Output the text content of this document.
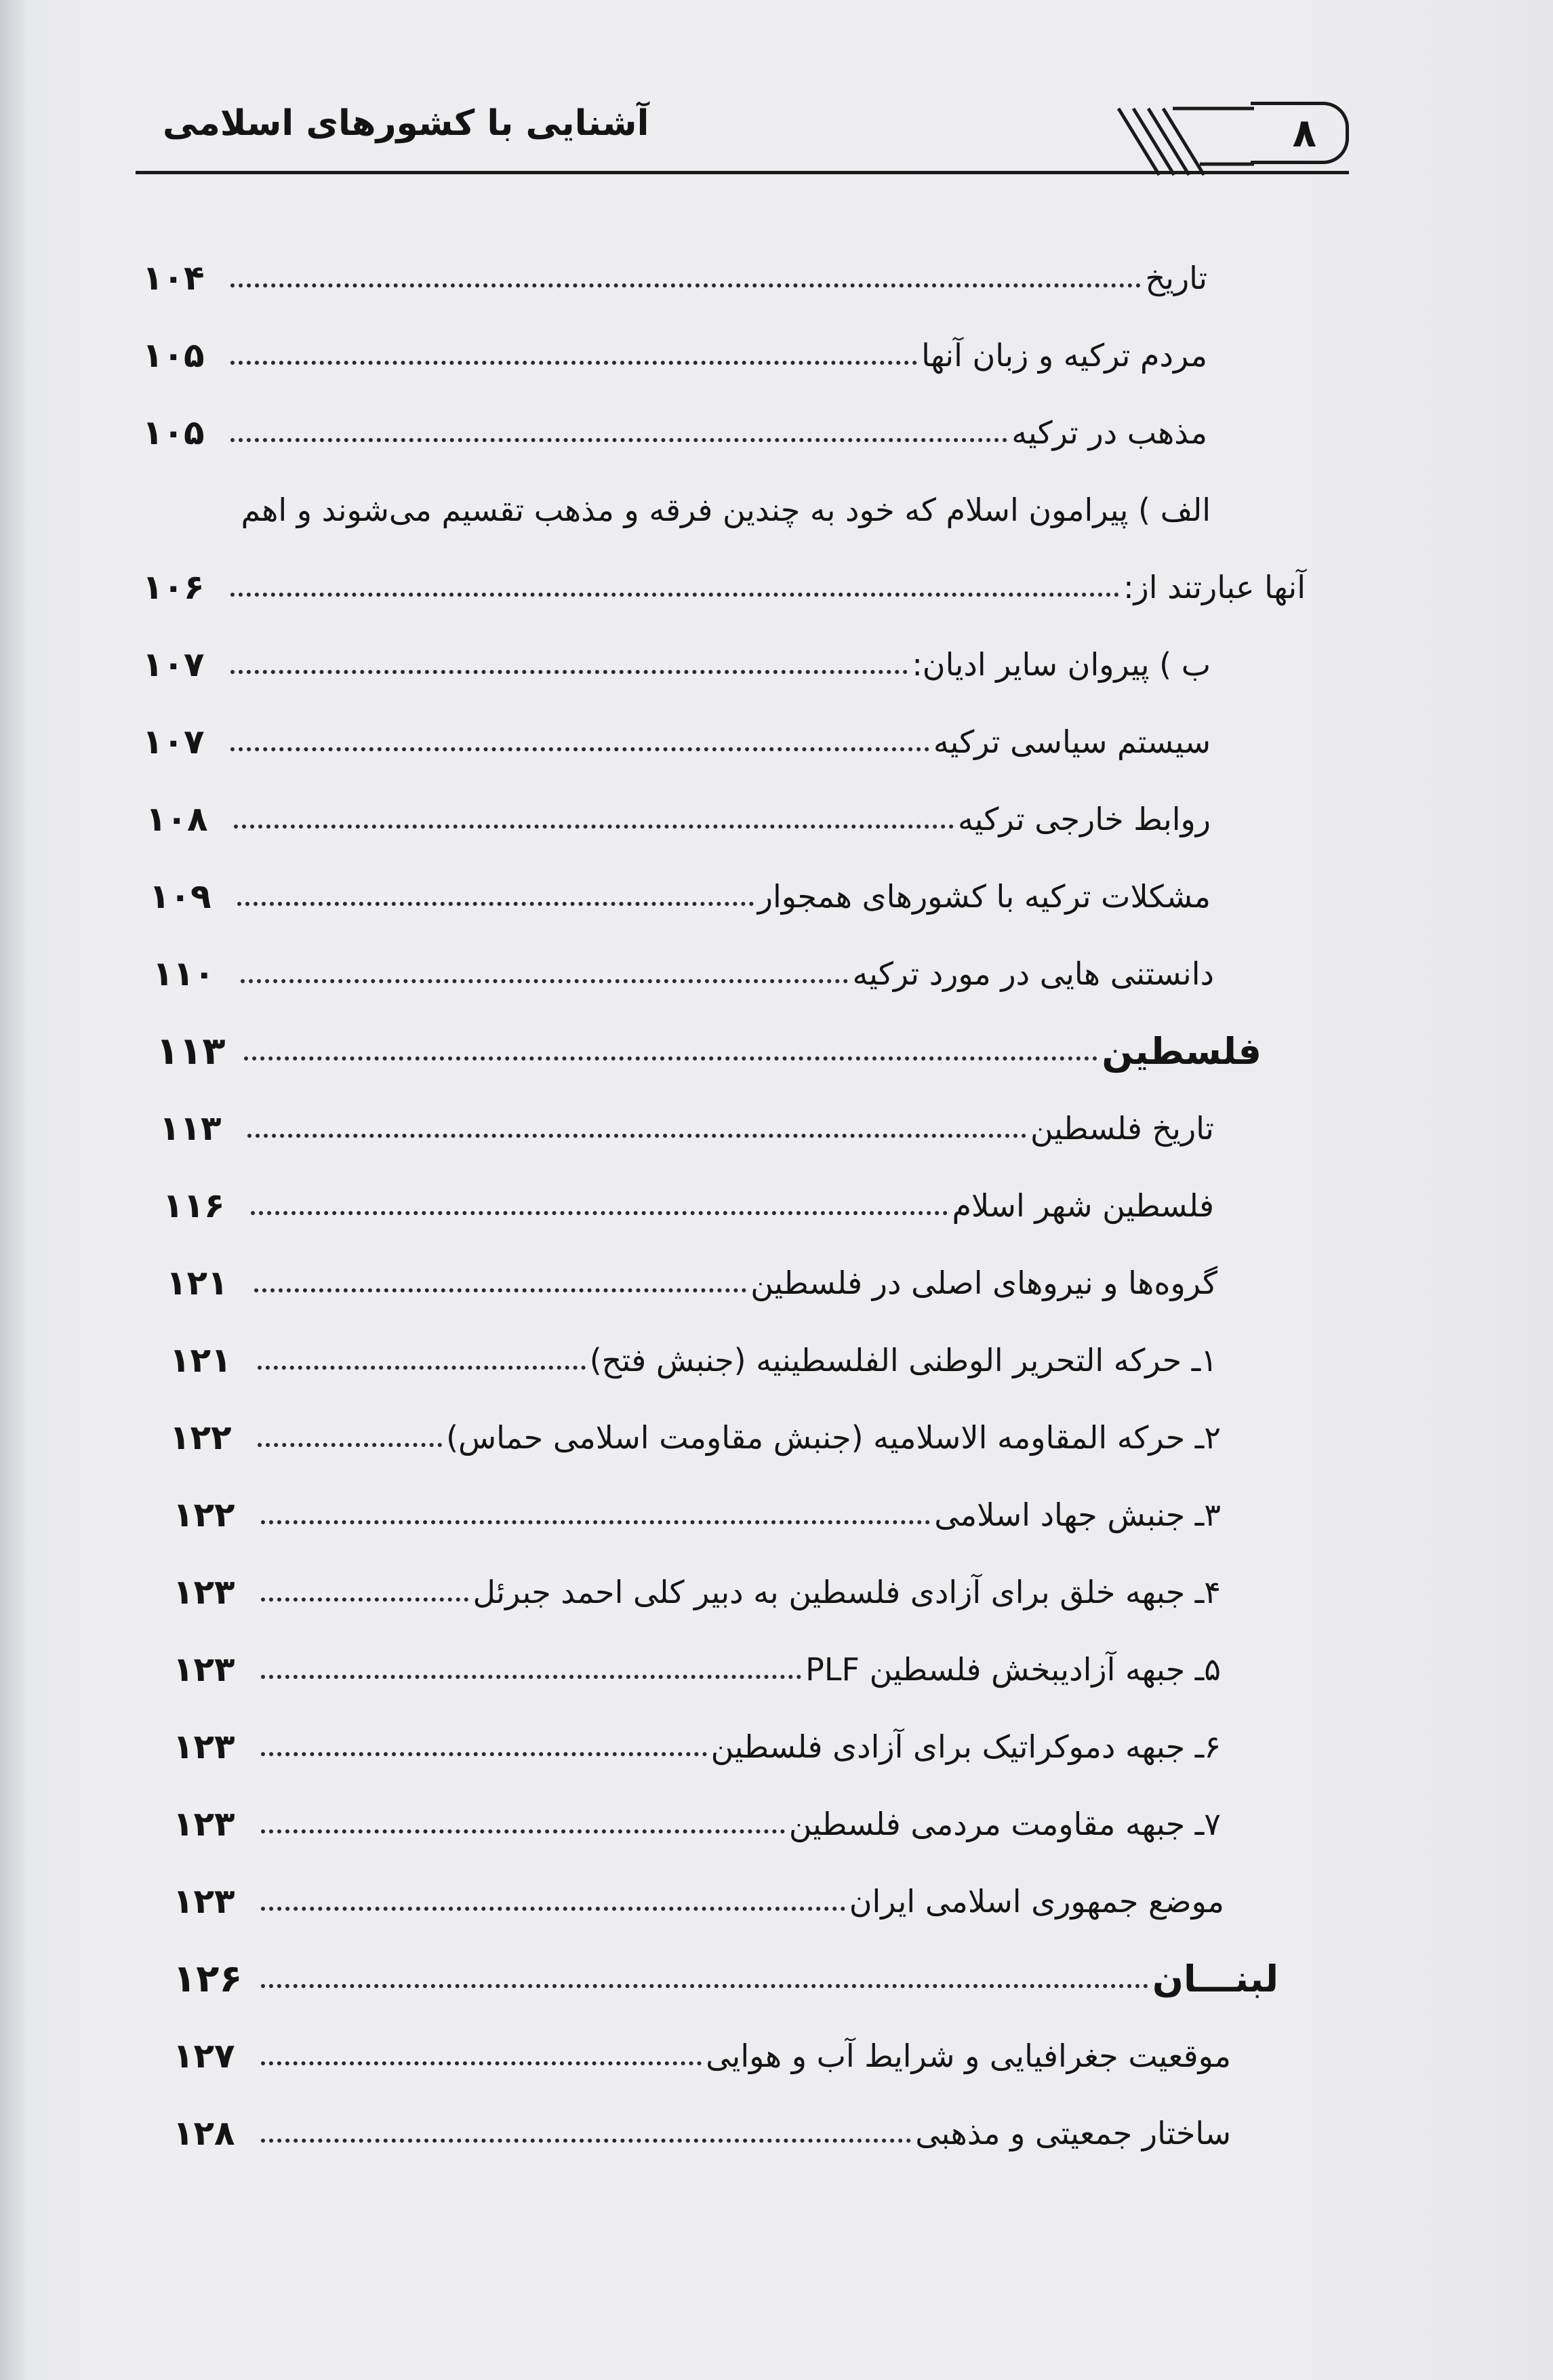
آشنایی با کشورهای اسلامی	۸
تاریخ
۱۰۴
مردم ترکیه و زبان آنها
۱۰۵
مذهب در ترکیه
۱۰۵
الف ) پیرامون اسلام که خود به چندین فرقه و مذهب تقسیم می‌شوند و اهم
آنها عبارتند از:
۱۰۶
ب ) پیروان سایر ادیان:
۱۰۷
سیستم سیاسی ترکیه
۱۰۷
روابط خارجی ترکیه
۱۰۸
مشکلات ترکیه با کشورهای همجوار
۱۰۹
دانستنی هایی در مورد ترکیه
۱۱۰
فلسطین
۱۱۳
تاریخ فلسطین
۱۱۳
فلسطین شهر اسلام
۱۱۶
گروه‌ها و نیروهای اصلی در فلسطین
۱۲۱
۱ـ حرکه التحریر الوطنی الفلسطینیه (جنبش فتح)
۱۲۱
۲ـ حرکه المقاومه الاسلامیه (جنبش مقاومت اسلامی حماس)
۱۲۲
۳ـ جنبش جهاد اسلامی
۱۲۲
۴ـ جبهه خلق برای آزادی فلسطین به دبیر کلی احمد جبرئل
۱۲۳
۵ـ جبهه آزادیبخش فلسطین PLF
۱۲۳
۶ـ جبهه دموکراتیک برای آزادی فلسطین
۱۲۳
۷ـ جبهه مقاومت مردمی فلسطین
۱۲۳
موضع جمهوری اسلامی ایران
۱۲۳
لبنـــان
۱۲۶
موقعیت جغرافیایی و شرایط آب و هوایی
۱۲۷
ساختار جمعیتی و مذهبی
۱۲۸
